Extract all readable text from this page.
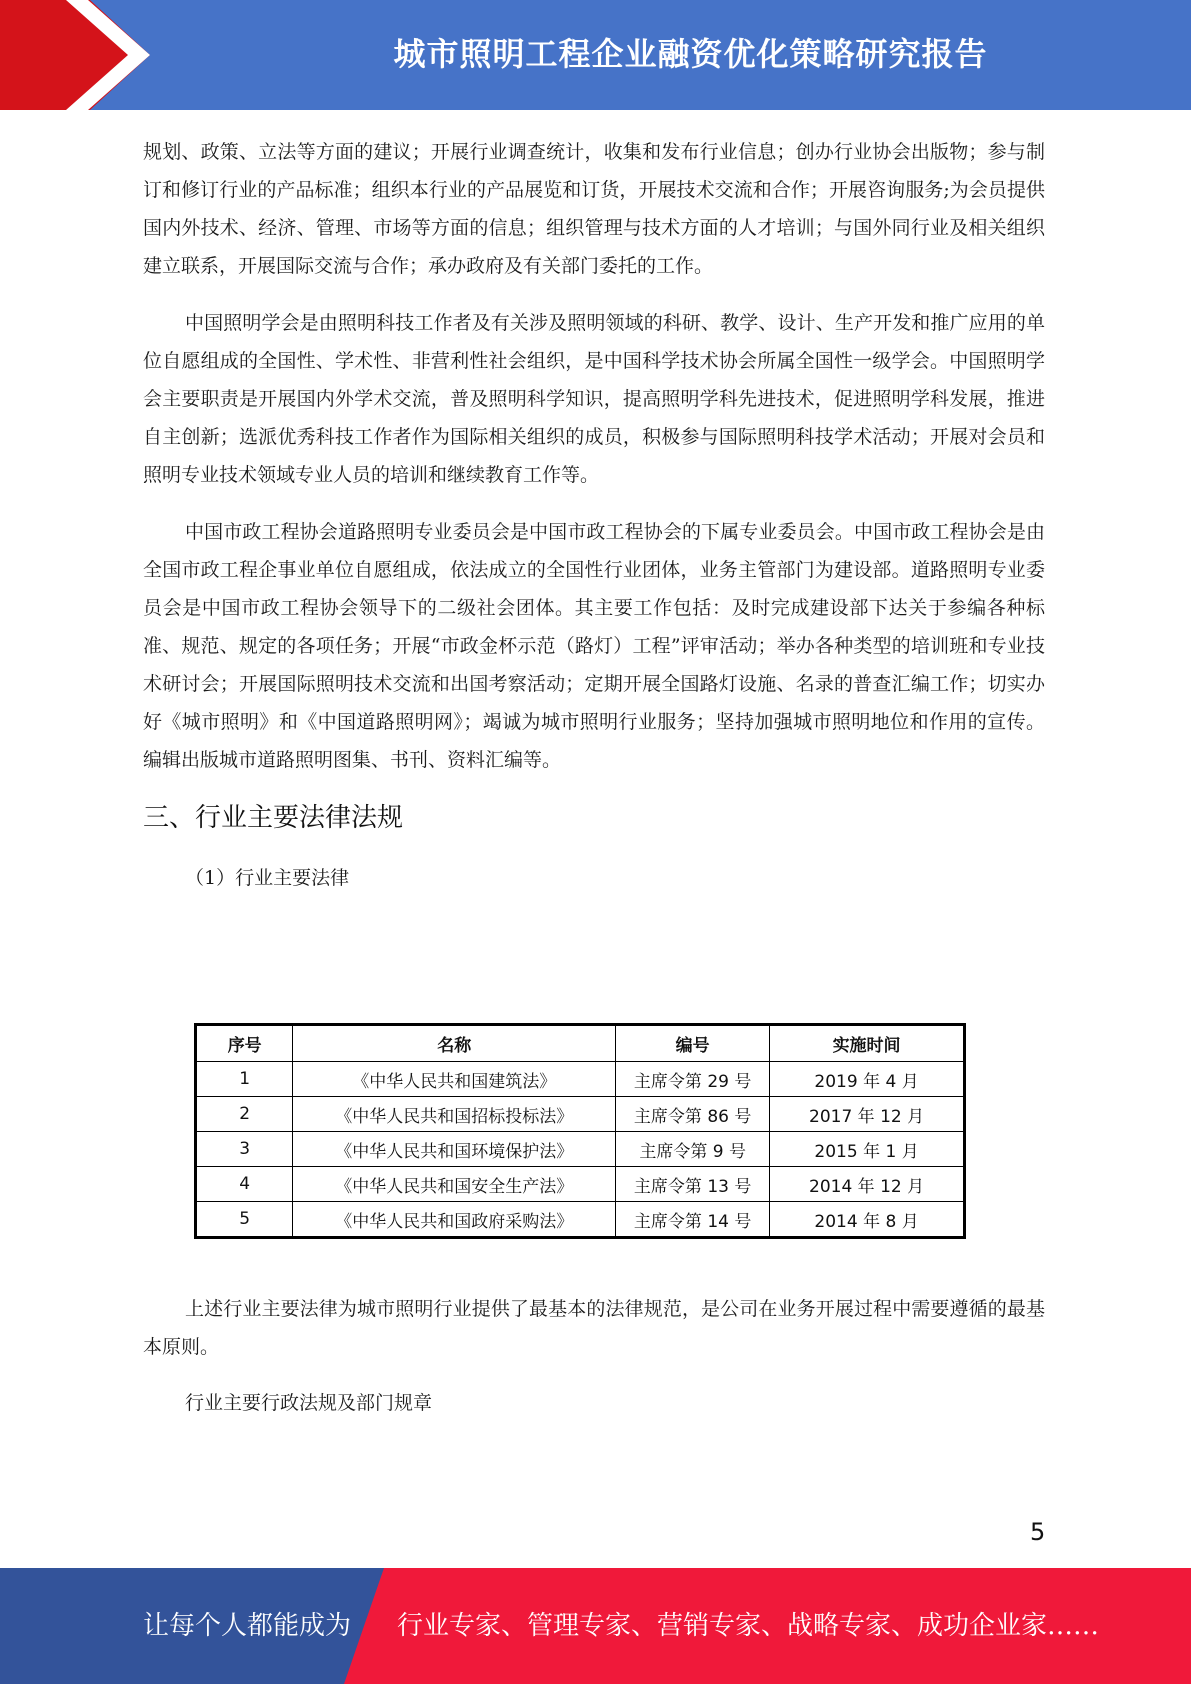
城市照明工程企业融资优化策略研究报告

规划、政策、立法等方面的建议；开展行业调查统计，收集和发布行业信息；创办行业协会出版物；参与制订和修订行业的产品标准；组织本行业的产品展览和订货，开展技术交流和合作；开展咨询服务;为会员提供国内外技术、经济、管理、市场等方面的信息；组织管理与技术方面的人才培训；与国外同行业及相关组织建立联系，开展国际交流与合作；承办政府及有关部门委托的工作。

中国照明学会是由照明科技工作者及有关涉及照明领域的科研、教学、设计、生产开发和推广应用的单位自愿组成的全国性、学术性、非营利性社会组织，是中国科学技术协会所属全国性一级学会。中国照明学会主要职责是开展国内外学术交流，普及照明科学知识，提高照明学科先进技术，促进照明学科发展，推进自主创新；选派优秀科技工作者作为国际相关组织的成员，积极参与国际照明科技学术活动；开展对会员和照明专业技术领域专业人员的培训和继续教育工作等。

中国市政工程协会道路照明专业委员会是中国市政工程协会的下属专业委员会。中国市政工程协会是由全国市政工程企事业单位自愿组成，依法成立的全国性行业团体，业务主管部门为建设部。道路照明专业委员会是中国市政工程协会领导下的二级社会团体。其主要工作包括：及时完成建设部下达关于参编各种标准、规范、规定的各项任务；开展“市政金杯示范（路灯）工程”评审活动；举办各种类型的培训班和专业技术研讨会；开展国际照明技术交流和出国考察活动；定期开展全国路灯设施、名录的普查汇编工作；切实办好《城市照明》和《中国道路照明网》；竭诚为城市照明行业服务；坚持加强城市照明地位和作用的宣传。编辑出版城市道路照明图集、书刊、资料汇编等。

三、行业主要法律法规

（1）行业主要法律

序号	名称	编号	实施时间
1	《中华人民共和国建筑法》	主席令第 29 号	2019 年 4 月
2	《中华人民共和国招标投标法》	主席令第 86 号	2017 年 12 月
3	《中华人民共和国环境保护法》	主席令第 9 号	2015 年 1 月
4	《中华人民共和国安全生产法》	主席令第 13 号	2014 年 12 月
5	《中华人民共和国政府采购法》	主席令第 14 号	2014 年 8 月

上述行业主要法律为城市照明行业提供了最基本的法律规范，是公司在业务开展过程中需要遵循的最基本原则。

行业主要行政法规及部门规章

5
让每个人都能成为 行业专家、管理专家、营销专家、战略专家、成功企业家……
